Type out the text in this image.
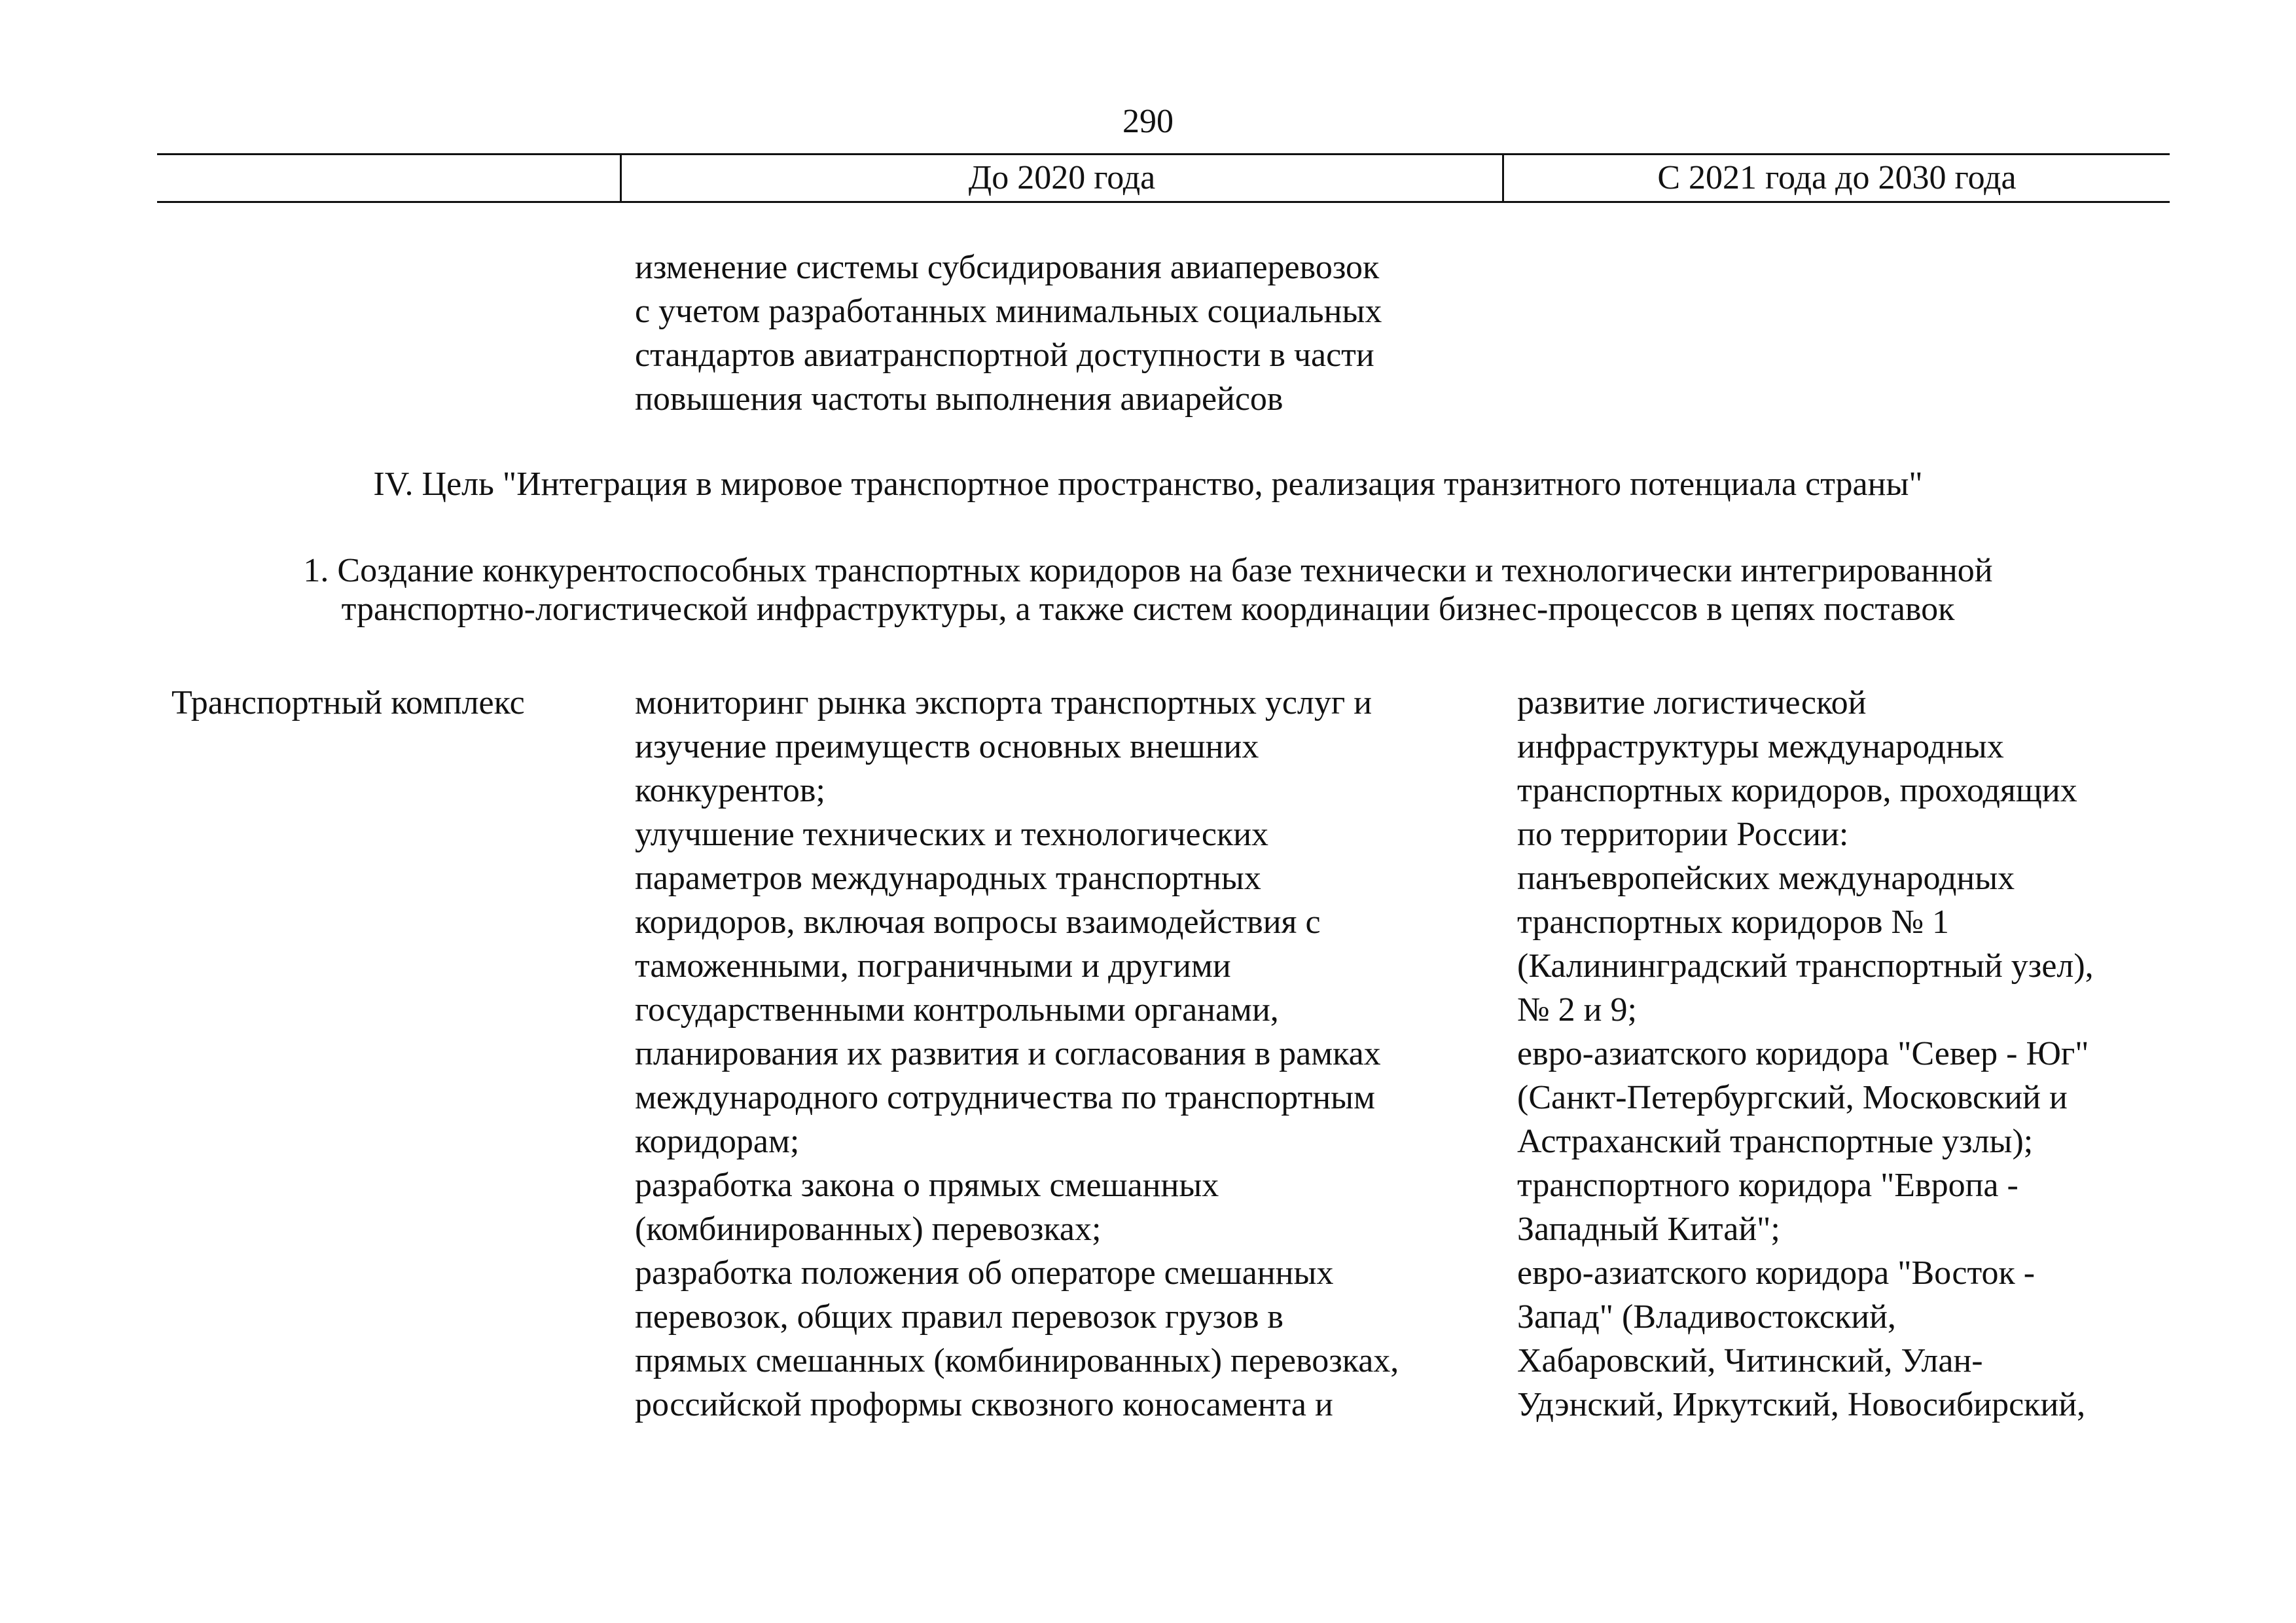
290
До 2020 года	С 2021 года до 2030 года
изменение системы субсидирования авиаперевозок
с учетом разработанных минимальных социальных
стандартов авиатранспортной доступности в части
повышения частоты выполнения авиарейсов
IV. Цель "Интеграция в мировое транспортное пространство, реализация транзитного потенциала страны"
1. Создание конкурентоспособных транспортных коридоров на базе технически и технологически интегрированной
транспортно-логистической инфраструктуры, а также систем координации бизнес-процессов в цепях поставок
Транспортный комплекс	мониторинг рынка экспорта транспортных услуг и
изучение преимуществ основных внешних
конкурентов;
улучшение технических и технологических
параметров международных транспортных
коридоров, включая вопросы взаимодействия с
таможенными, пограничными и другими
государственными контрольными органами,
планирования их развития и согласования в рамках
международного сотрудничества по транспортным
коридорам;
разработка закона о прямых смешанных
(комбинированных) перевозках;
разработка положения об операторе смешанных
перевозок, общих правил перевозок грузов в
прямых смешанных (комбинированных) перевозках,
российской проформы сквозного коносамента и
развитие логистической
инфраструктуры международных
транспортных коридоров, проходящих
по территории России:
панъевропейских международных
транспортных коридоров № 1
(Калининградский транспортный узел),
№ 2 и 9;
евро-азиатского коридора "Север - Юг"
(Санкт-Петербургский, Московский и
Астраханский транспортные узлы);
транспортного коридора "Европа -
Западный Китай";
евро-азиатского коридора "Восток -
Запад" (Владивостокский,
Хабаровский, Читинский, Улан-
Удэнский, Иркутский, Новосибирский,
